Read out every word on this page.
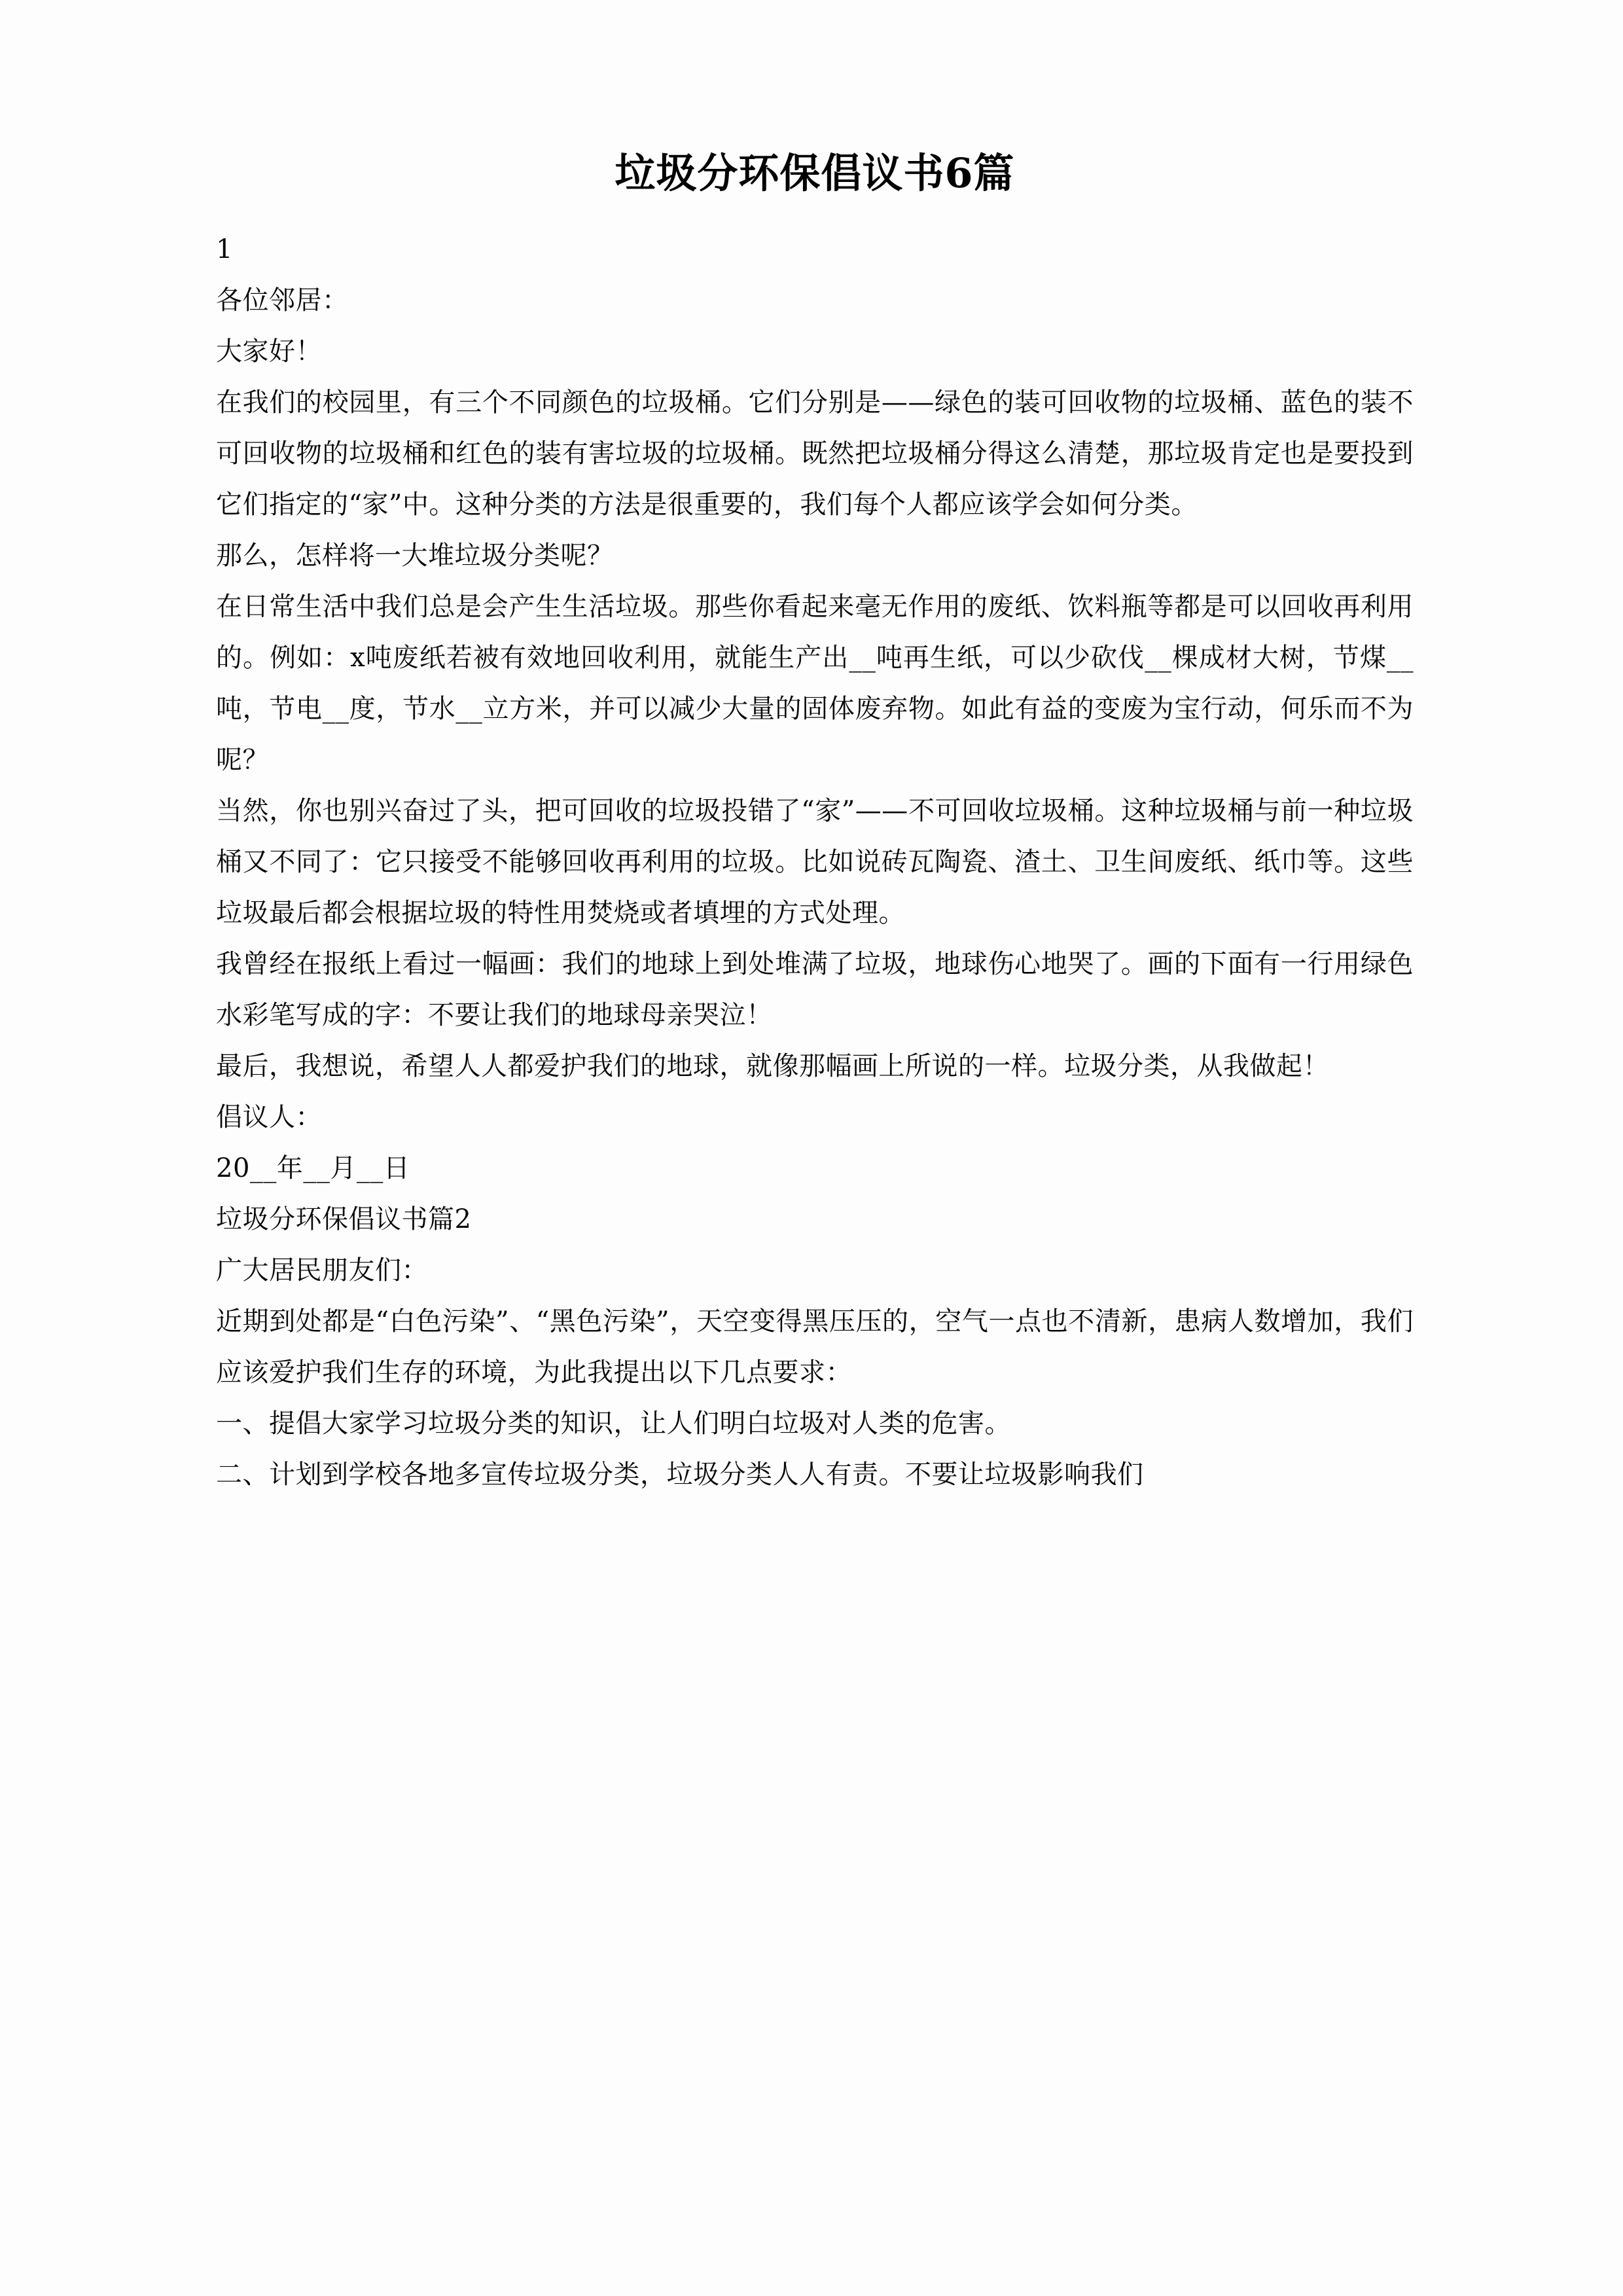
垃圾分环保倡议书6篇

1

各位邻居：

大家好！

在我们的校园里，有三个不同颜色的垃圾桶。它们分别是——绿色的装可回收物的垃圾桶、蓝色的装不可回收物的垃圾桶和红色的装有害垃圾的垃圾桶。既然把垃圾桶分得这么清楚，那垃圾肯定也是要投到它们指定的“家”中。这种分类的方法是很重要的，我们每个人都应该学会如何分类。

那么，怎样将一大堆垃圾分类呢？

在日常生活中我们总是会产生生活垃圾。那些你看起来毫无作用的废纸、饮料瓶等都是可以回收再利用的。例如：x吨废纸若被有效地回收利用，就能生产出__吨再生纸，可以少砍伐__棵成材大树，节煤__吨，节电__度，节水__立方米，并可以减少大量的固体废弃物。如此有益的变废为宝行动，何乐而不为呢？

当然，你也别兴奋过了头，把可回收的垃圾投错了“家”——不可回收垃圾桶。这种垃圾桶与前一种垃圾桶又不同了：它只接受不能够回收再利用的垃圾。比如说砖瓦陶瓷、渣土、卫生间废纸、纸巾等。这些垃圾最后都会根据垃圾的特性用焚烧或者填埋的方式处理。

我曾经在报纸上看过一幅画：我们的地球上到处堆满了垃圾，地球伤心地哭了。画的下面有一行用绿色水彩笔写成的字：不要让我们的地球母亲哭泣！

最后，我想说，希望人人都爱护我们的地球，就像那幅画上所说的一样。垃圾分类，从我做起！

倡议人：

20__年__月__日

垃圾分环保倡议书篇2

广大居民朋友们：

近期到处都是“白色污染”、“黑色污染”，天空变得黑压压的，空气一点也不清新，患病人数增加，我们应该爱护我们生存的环境，为此我提出以下几点要求：

一、提倡大家学习垃圾分类的知识，让人们明白垃圾对人类的危害。

二、计划到学校各地多宣传垃圾分类，垃圾分类人人有责。不要让垃圾影响我们
